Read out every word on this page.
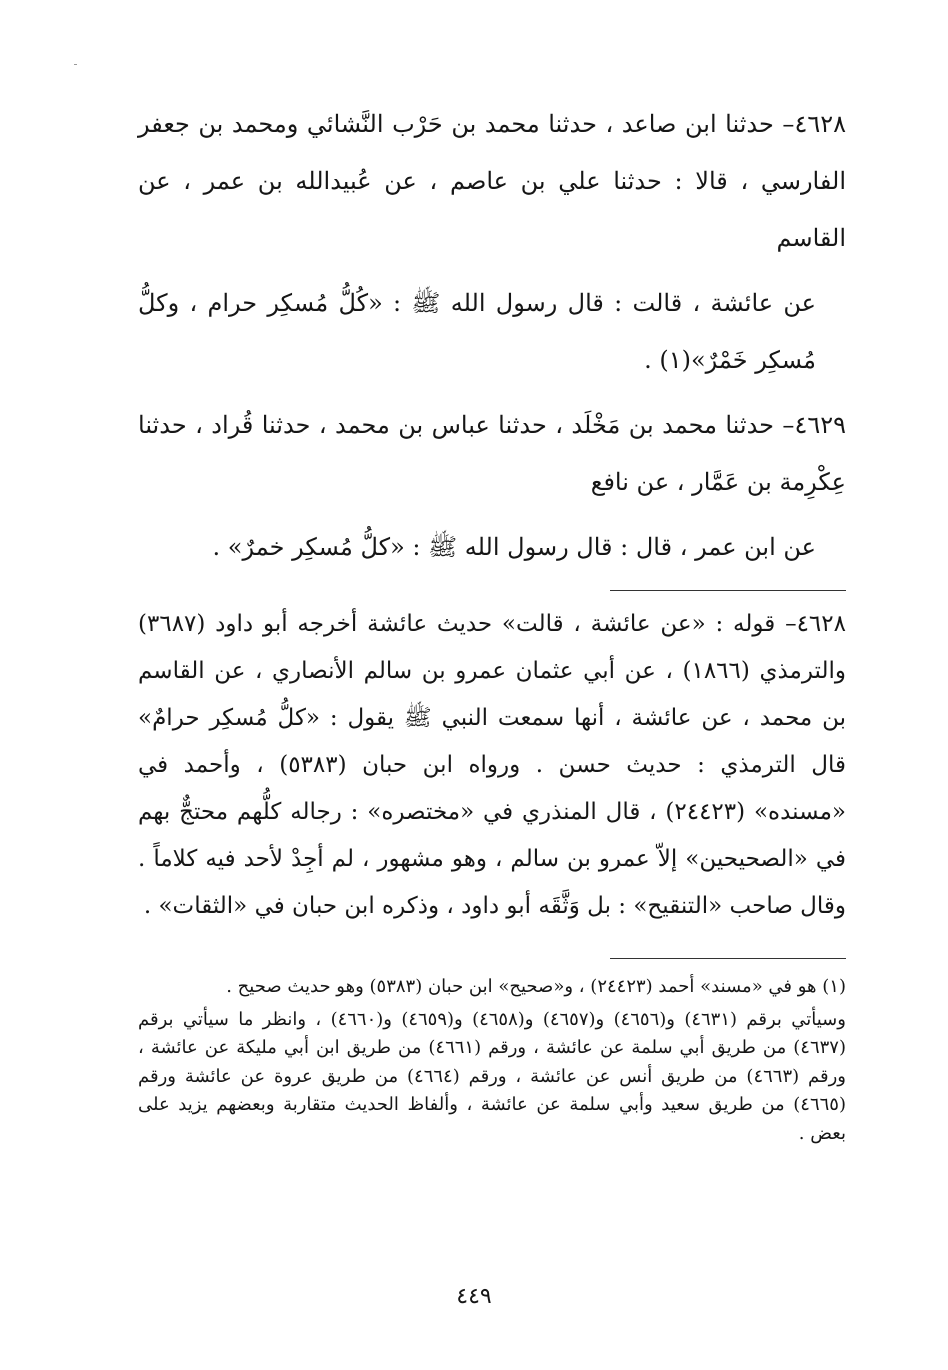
٤٦٢٨– حدثنا ابن صاعد ، حدثنا محمد بن حَرْب النَّشائي ومحمد بن جعفر الفارسي ، قالا : حدثنا علي بن عاصم ، عن عُبيدالله بن عمر ، عن القاسم

عن عائشة ، قالت : قال رسول الله ﷺ : «كُلُّ مُسكِر حرام ، وكلُّ مُسكِر خَمْرٌ»(١) .

٤٦٢٩– حدثنا محمد بن مَخْلَد ، حدثنا عباس بن محمد ، حدثنا قُراد ، حدثنا عِكْرِمة بن عَمَّار ، عن نافع

عن ابن عمر ، قال : قال رسول الله ﷺ : «كلُّ مُسكِر خمرٌ» .

٤٦٢٨– قوله : «عن عائشة ، قالت» حديث عائشة أخرجه أبو داود (٣٦٨٧) والترمذي (١٨٦٦) ، عن أبي عثمان عمرو بن سالم الأنصاري ، عن القاسم بن محمد ، عن عائشة ، أنها سمعت النبي ﷺ يقول : «كلُّ مُسكِر حرامٌ» قال الترمذي : حديث حسن . ورواه ابن حبان (٥٣٨٣) ، وأحمد في «مسنده» (٢٤٤٢٣) ، قال المنذري في «مختصره» : رجاله كلُّهم محتجٌّ بهم في «الصحيحين» إلاّ عمرو بن سالم ، وهو مشهور ، لم أجِدْ لأحد فيه كلاماً . وقال صاحب «التنقيح» : بل وَثَّقَه أبو داود ، وذكره ابن حبان في «الثقات» .

(١) هو في «مسند» أحمد (٢٤٤٢٣) ، و«صحيح» ابن حبان (٥٣٨٣) وهو حديث صحيح .

وسيأتي برقم (٤٦٣١) و(٤٦٥٦) و(٤٦٥٧) و(٤٦٥٨) و(٤٦٥٩) و(٤٦٦٠) ، وانظر ما سيأتي برقم (٤٦٣٧) من طريق أبي سلمة عن عائشة ، ورقم (٤٦٦١) من طريق ابن أبي مليكة عن عائشة ، ورقم (٤٦٦٣) من طريق أنس عن عائشة ، ورقم (٤٦٦٤) من طريق عروة عن عائشة ورقم (٤٦٦٥) من طريق سعيد وأبي سلمة عن عائشة ، وألفاظ الحديث متقاربة وبعضهم يزيد على بعض .

٤٤٩
